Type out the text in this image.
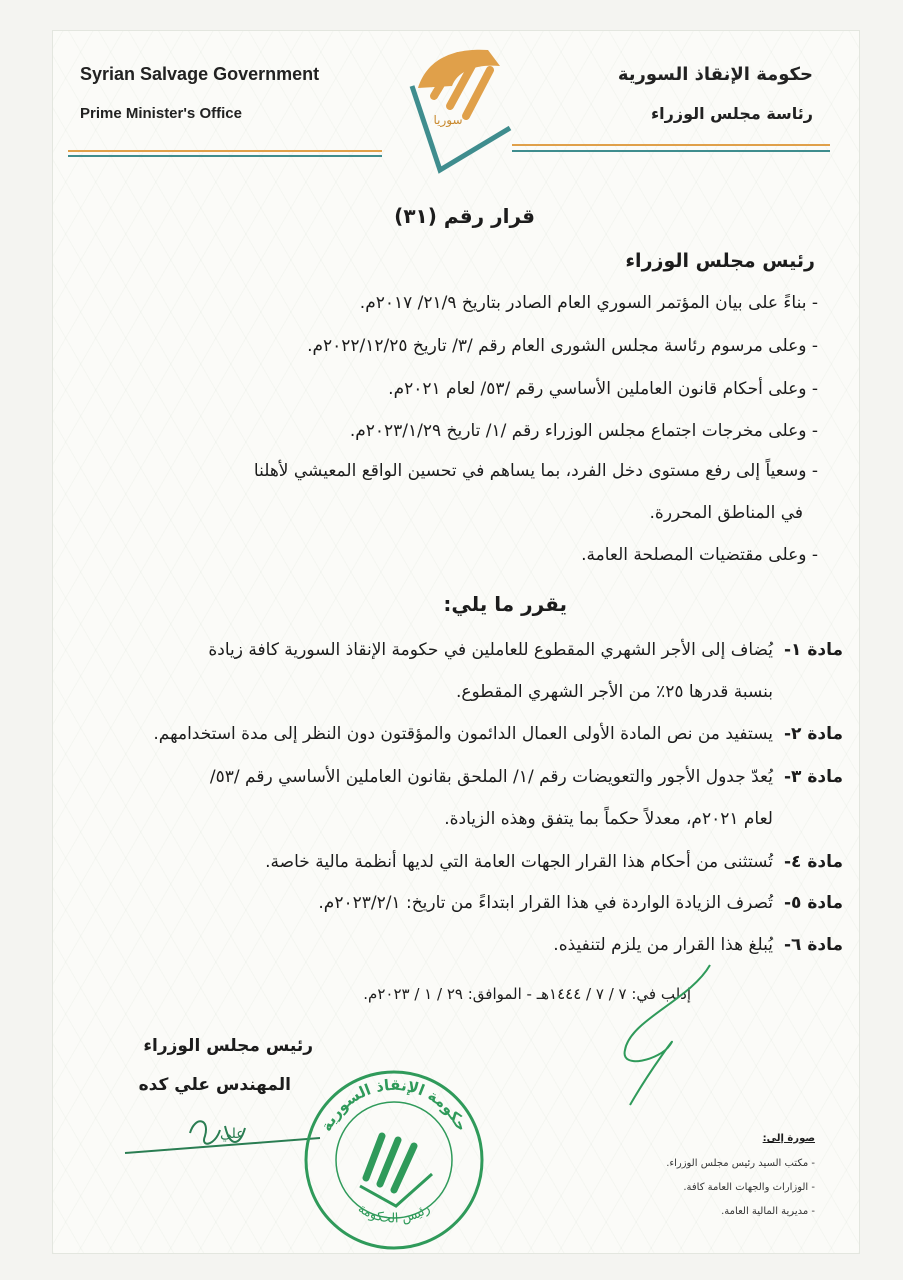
Syrian Salvage Government
Prime Minister's Office
حكومة الإنقاذ السورية
رئاسة مجلس الوزراء
سوريا
قرار رقم (٣١)
رئيس مجلس الوزراء
- بناءً على بيان المؤتمر السوري العام الصادر بتاريخ ٢١/٩/ ٢٠١٧م.
- وعلى مرسوم رئاسة مجلس الشورى العام رقم /٣/ تاريخ ٢٠٢٢/١٢/٢٥م.
- وعلى أحكام قانون العاملين الأساسي رقم /٥٣/ لعام ٢٠٢١م.
- وعلى مخرجات اجتماع مجلس الوزراء رقم /١/ تاريخ ٢٠٢٣/١/٢٩م.
- وسعياً إلى رفع مستوى دخل الفرد، بما يساهم في تحسين الواقع المعيشي لأهلنا
في المناطق المحررة.
- وعلى مقتضيات المصلحة العامة.
يقرر ما يلي:
مادة ١-
يُضاف إلى الأجر الشهري المقطوع للعاملين في حكومة الإنقاذ السورية كافة زيادة
بنسبة قدرها ٢٥٪ من الأجر الشهري المقطوع.
مادة ٢-
يستفيد من نص المادة الأولى العمال الدائمون والمؤقتون دون النظر إلى مدة استخدامهم.
مادة ٣-
يُعدّ جدول الأجور والتعويضات رقم /١/ الملحق بقانون العاملين الأساسي رقم /٥٣/
لعام ٢٠٢١م، معدلاً حكماً بما يتفق وهذه الزيادة.
مادة ٤-
تُستثنى من أحكام هذا القرار الجهات العامة التي لديها أنظمة مالية خاصة.
مادة ٥-
تُصرف الزيادة الواردة في هذا القرار ابتداءً من تاريخ: ٢٠٢٣/٢/١م.
مادة ٦-
يُبلغ هذا القرار من يلزم لتنفيذه.
إدلب في: ٧ / ٧ / ١٤٤٤هـ - الموافق: ٢٩ / ١ / ٢٠٢٣م.
رئيس مجلس الوزراء
المهندس علي كده
علي	حكومة الإنقاذ السورية
رئيس الحكومة
صورة إلى:
- مكتب السيد رئيس مجلس الوزراء.
- الوزارات والجهات العامة كافة.
- مديرية المالية العامة.
